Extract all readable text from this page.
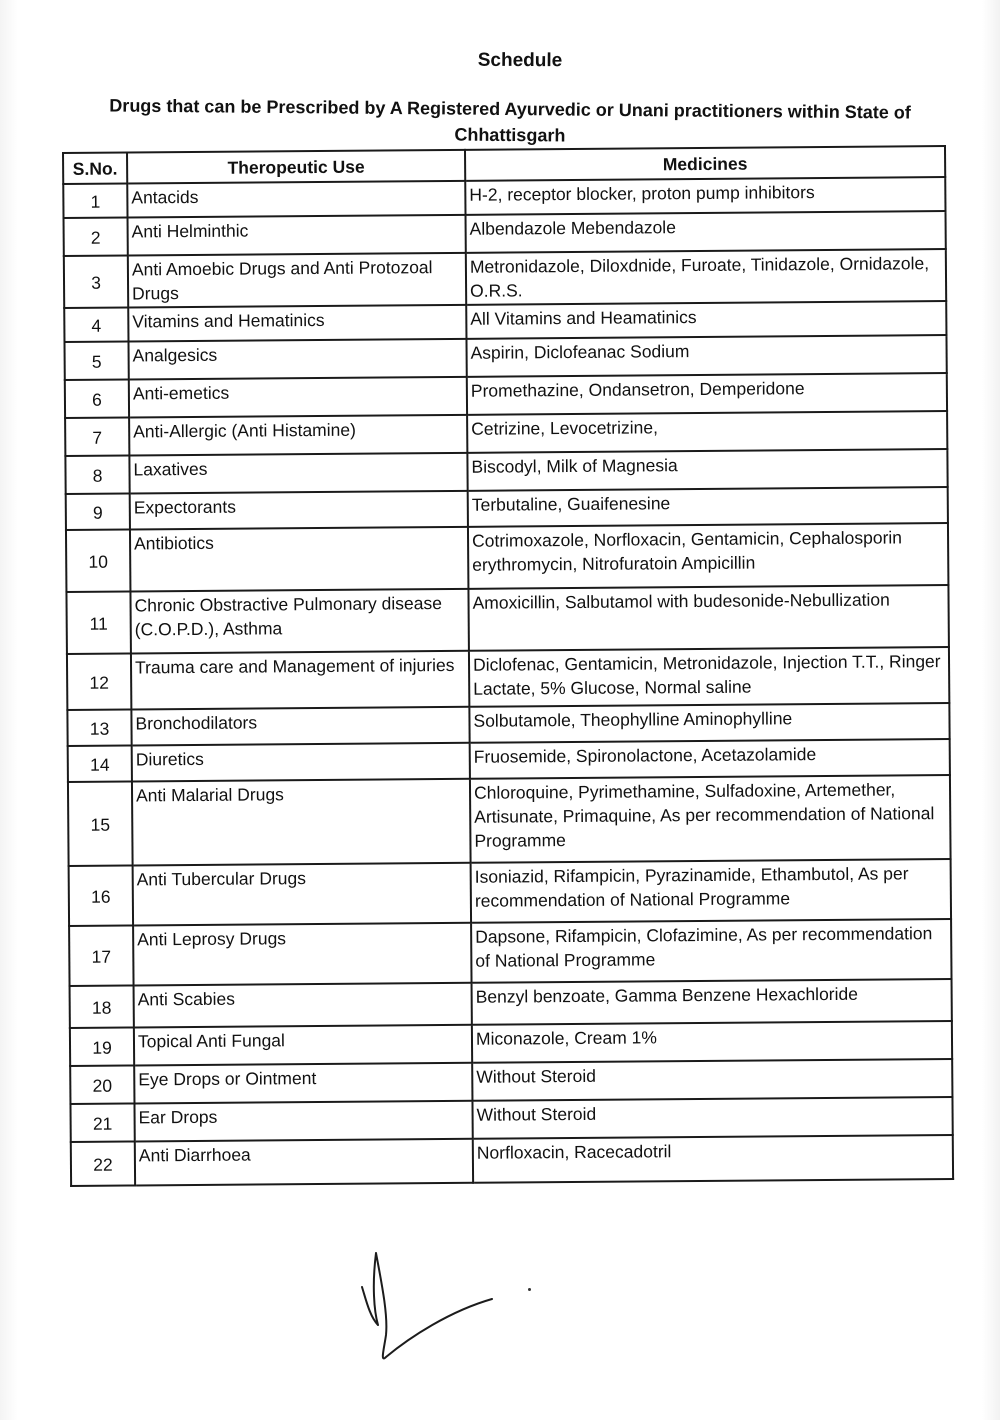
Schedule
Drugs that can be Prescribed by A Registered Ayurvedic or Unani practitioners within State of Chhattisgarh
S.No.	Theropeutic Use	Medicines
1	Antacids	H-2, receptor blocker, proton pump inhibitors
2	Anti Helminthic	Albendazole Mebendazole
3	Anti Amoebic Drugs and Anti Protozoal Drugs	Metronidazole, Diloxdnide, Furoate, Tinidazole, Ornidazole, O.R.S.
4	Vitamins and Hematinics	All Vitamins and Heamatinics
5	Analgesics	Aspirin, Diclofeanac Sodium
6	Anti-emetics	Promethazine, Ondansetron, Demperidone
7	Anti-Allergic (Anti Histamine)	Cetrizine, Levocetrizine,
8	Laxatives	Biscodyl, Milk of Magnesia
9	Expectorants	Terbutaline, Guaifenesine
10	Antibiotics	Cotrimoxazole, Norfloxacin, Gentamicin, Cephalosporin erythromycin, Nitrofuratoin Ampicillin
11	Chronic Obstractive Pulmonary disease (C.O.P.D.), Asthma	Amoxicillin, Salbutamol with budesonide-Nebullization
12	Trauma care and Management of injuries	Diclofenac, Gentamicin, Metronidazole, Injection T.T., Ringer Lactate, 5% Glucose, Normal saline
13	Bronchodilators	Solbutamole, Theophylline Aminophylline
14	Diuretics	Fruosemide, Spironolactone, Acetazolamide
15	Anti Malarial Drugs	Chloroquine, Pyrimethamine, Sulfadoxine, Artemether, Artisunate, Primaquine, As per recommendation of National Programme
16	Anti Tubercular Drugs	Isoniazid, Rifampicin, Pyrazinamide, Ethambutol, As per recommendation of National Programme
17	Anti Leprosy Drugs	Dapsone, Rifampicin, Clofazimine, As per recommendation of National Programme
18	Anti Scabies	Benzyl benzoate, Gamma Benzene Hexachloride
19	Topical Anti Fungal	Miconazole, Cream 1%
20	Eye Drops or Ointment	Without Steroid
21	Ear Drops	Without Steroid
22	Anti Diarrhoea	Norfloxacin, Racecadotril
